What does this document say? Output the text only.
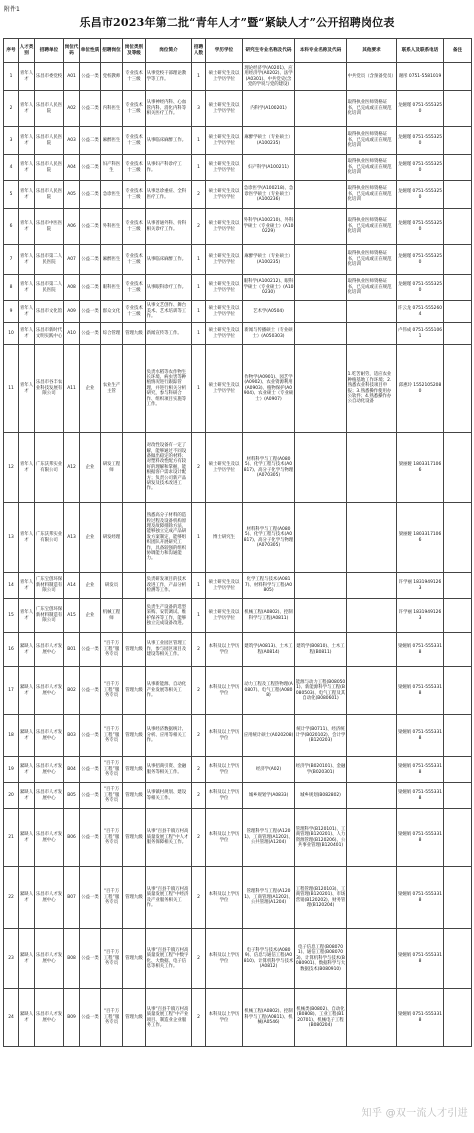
附件1
乐昌市2023年第二批“青年人才”暨“紧缺人才”公开招聘岗位表
序号	人才类别	招聘单位	岗位代码	单位性质	招聘岗位	岗位类别及等级	岗位简介	招聘人数	学历学位	研究生专业名称及代码	本科专业名称及代码	其他要求	联系人及联系电话	备注
1	青年人才	乐昌市委党校	A01	公益一类	党校教师	专业技术十三级	从事党校干部理论教学等工作。	1	硕士研究生及以上学历学位	理论经济学(A0201)、应用经济学(A0202)、法学(A0301)、中共党史(含党的学说与党的建设)		中共党员（含预备党员）	谢彤 0751-5581019	
2	青年人才	乐昌市人民医院	A02	公益二类	内科医生	专业技术十三级	从事神经内科、心血管内科、消化内科等相关医疗工作。	3	硕士研究生及以上学历学位	内科学(A100201)		取得执业医师资格证书，已完成或正在规范化培训	龙婉瑾 0751-5553250	
3	青年人才	乐昌市人民医院	A03	公益二类	麻醉医生	专业技术十三级	从事临床麻醉工作。	1	硕士研究生及以上学历学位	麻醉学硕士（专业硕士）(A100235)		取得执业医师资格证书，已完成或正在规范化培训	龙婉瑾 0751-5553250	
4	青年人才	乐昌市人民医院	A04	公益二类	妇产科医生	专业技术十三级	从事妇产科诊疗工作。	1	硕士研究生及以上学历学位	妇产科学(A100211)		取得执业医师资格证书，已完成或正在规范化培训	龙婉瑾 0751-5553250	
5	青年人才	乐昌市人民医院	A05	公益二类	急诊医生	专业技术十三级	从事急诊重症、全科医疗工作。	2	硕士研究生及以上学历学位	急诊医学(A100218)、急诊医学硕士（专业硕士）(A100236)		取得执业医师资格证书，已完成或正在规范化培训	龙婉瑾 0751-5553250	
6	青年人才	乐昌市中医医院	A06	公益二类	外科医生	专业技术十三级	从事普通外科、骨科相关诊疗工作。	2	硕士研究生及以上学历学位	外科学(A100210)、外科学硕士（专业硕士）(A100229)		取得执业医师资格证书，已完成或正在规范化培训	龙婉瑾 0751-5553250	
7	青年人才	乐昌市第二人民医院	A07	公益二类	麻醉医生	专业技术十三级	从事临床麻醉工作。	1	硕士研究生及以上学历学位	麻醉学硕士（专业硕士）(A100235)		取得执业医师资格证书，已完成或正在规范化培训	龙婉瑾 0751-5553250	
8	青年人才	乐昌市第二人民医院	A08	公益二类	眼科医生	专业技术十三级	从事眼科诊疗工作。	1	硕士研究生及以上学历学位	眼科学(A100212)、眼科学硕士（专业硕士）(A100230)		取得执业医师资格证书，已完成或正在规范化培训	龙婉瑾 0751-5553250	
9	青年人才	乐昌市文化馆	A09	公益一类	群众文化	专业技术十三级	从事文艺创作、舞台美术、艺术培训等工作。	1	硕士研究生及以上学历学位	艺术学(A0504)			许云龙 0751-5552604	
10	青年人才	乐昌市新时代文明实践中心	A10	公益一类	综合管理	管理九级	新闻宣传等工作。	1	硕士研究生及以上学历学位	新闻与传播硕士（专业硕士）(A050303)			卢伟成 0751-5551061	
11	青年人才	乐昌市谷丰农业科技发展有限公司	A11	企业	农业生产主管		负责水稻等农作物生长环境、病虫害等种植情况进行跟踪管理，并进行相关分析研究，参与科研合作、组织项目实施等工作。	1	硕士研究生及以上学历学位	作物学(A0901)、园艺学(A0902)、农业资源利用(A0903)、植物保护(A0904)、农业硕士（专业硕士）(A0907)		1.吃苦耐劳，适应农业种植基地工作环境；2.熟悉农业科技项目申报；3.熟悉操作使用办公软件；4.熟悉操作办公自动化设备	邱惠玲 15521052080	
12	青年人才	广东沃邦实业有限公司	A12	企业	研发工程师		对改性设备有一定了解，能够通过不同设备做出稳定的材料；对塑料改性配方有较好的理解和掌握，能根据客户需求设计配方；负责公司新产品研发及技术改进工作。	2	硕士研究生及以上学历学位	材料科学与工程(A0805)、化学工程与技术(A0817)、高分子化学与物理(A070305)			梁丽娅 18033171066	
13	青年人才	广东沃邦实业有限公司	A13	企业	研发经理		熟悉高分子材料的造粒过程及设备机构原理及故障排除方法，能够独立完成产品研发方案制定，能够组织团队开展研究工作，具备较强的组织协调能力和沟通能力。	1	博士研究生	材料科学与工程(A0805)、化学工程与技术(A0817)、高分子化学与物理(A070305)			梁丽娅 18033171066	
14	青年人才	广东宝创环保新材料制造有限公司	A14	企业	研发员		负责研发项目的技术改进工作，产品分析检测等工作。	1	硕士研究生及以上学历学位	化学工程与技术(A0817)、材料科学与工程(A0805)			许学丽 18319491263	
15	青年人才	广东宝创环保新材料制造有限公司	A15	企业	机械工程师		负责生产设备的选型采购、安装调试、维护保养等工作，能够独立完成设备改进。	1	硕士研究生及以上学历学位	机械工程(A0802)、控制科学与工程(A0811)			许学丽 18319491263	
16	紧缺人才	乐昌市人才发展中心	B01	公益一类	“百千万工程”服务专员	管理九级	从事工业园区管理工作，参与园区项目及建设等相关工作。	2	本科及以上学历学位	建筑学(A0813)、土木工程(A0814)	建筑学(B0810)、土木工程(B0811)		梁婉娟 0751-5553318	
17	紧缺人才	乐昌市人才发展中心	B02	公益一类	“百千万工程”服务专员	管理九级	从事新能源、自动化产业发展等相关工作。	2	本科及以上学历学位	动力工程及工程热物理(A0807)、电气工程(A0808)	能源与动力工程(B080501)、新能源科学与工程(B080503)、电气工程及其自动化(B080601)		梁婉娟 0751-5553318	
18	紧缺人才	乐昌市人才发展中心	B03	公益一类	“百千万工程”服务专员	管理九级	从事经济数据统计、分析、应用等相关工作。	2	本科及以上学历学位	应用统计硕士(A020208)	统计学(B0711)、经济统计学(B020102)、会计学(B120203)		梁婉娟 0751-5553318	
19	紧缺人才	乐昌市人才发展中心	B04	公益一类	“百千万工程”服务专员	管理九级	从事招商引资、金融服务等相关工作。	2	本科及以上学历学位	经济学(A02)	经济学(B020101)、金融学(B020301)		梁婉娟 0751-5553318	
20	紧缺人才	乐昌市人才发展中心	B05	公益一类	“百千万工程”服务专员	管理九级	从事镇村规划、建设等相关工作。	2	本科及以上学历学位	城乡规划学(A0833)	城乡规划(B082802)		梁婉娟 0751-5553318	
21	紧缺人才	乐昌市人才发展中心	B06	公益一类	“百千万工程”服务专员	管理九级	从事“百县千镇万村高质量发展工程”中人才服务保障相关工作。	2	本科及以上学历学位	管理科学与工程(A1201)、工商管理(A1202)、公共管理(A1204)	管理科学(B120101)、工商管理(B120201)、人力资源管理(B120206)、公共事业管理(B120401)		梁婉娟 0751-5553318	
22	紧缺人才	乐昌市人才发展中心	B07	公益一类	“百千万工程”服务专员	管理九级	从事“百县千镇万村高质量发展工程”中经济及产业服务相关工作。	2	本科及以上学历学位	管理科学与工程(A1201)、工商管理(A1202)、公共管理(A1204)	工程管理(B120103)、工商管理(B120201)、市场营销(B120202)、财务管理(B120204)		梁婉娟 0751-5553318	
23	紧缺人才	乐昌市人才发展中心	B08	公益一类	“百千万工程”服务专员	管理九级	从事“百县千镇万村高质量发展工程”中数字化、大数据、电子信息等相关工作。	2	本科及以上学历学位	电子科学与技术(A0809)、信息与通信工程(A0810)、计算机科学与技术(A0812)	电子信息工程(B080701)、通信工程(B080703)、计算机科学与技术(B080901)、数据科学与大数据技术(B080910)		梁婉娟 0751-5553318	
24	紧缺人才	乐昌市人才发展中心	B09	公益一类	“百千万工程”服务专员	管理九级	从事“百县千镇万村高质量发展工程”中产业项目、制造业企业服务工作。	2	本科及以上学历学位	机械工程(A0802)、控制科学与工程(A0811)、机械(A0546)	机械类(B0802)、自动化(B0808)、工业工程(B120701)、机械电子工程(B080204)		梁婉娟 0751-5553318	
知乎 @双一流人才引进
